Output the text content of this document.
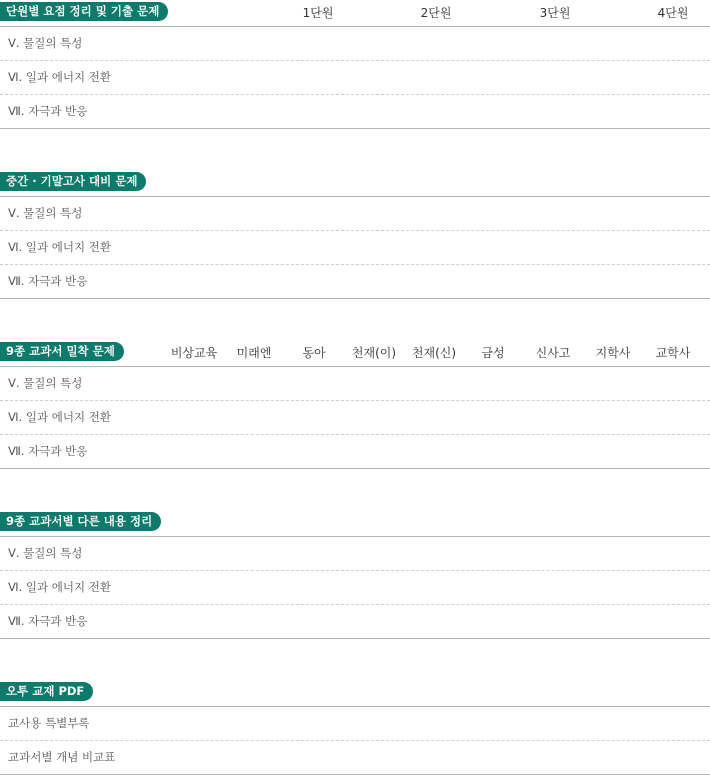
1단원	2단원	3단원	4단원
단원별 요점 정리 및 기출 문제
Ⅴ. 물질의 특성
Ⅵ. 일과 에너지 전환
Ⅶ. 자극과 반응
중간 · 기말고사 대비 문제
Ⅴ. 물질의 특성
Ⅵ. 일과 에너지 전환
Ⅶ. 자극과 반응
비상교육 미래엔	동아 천재(이) 천재(신) 금성	신사고 지학사 교학사
9종 교과서 밀착 문제
Ⅴ. 물질의 특성
Ⅵ. 일과 에너지 전환
Ⅶ. 자극과 반응
9종 교과서별 다른 내용 정리
Ⅴ. 물질의 특성
Ⅵ. 일과 에너지 전환
Ⅶ. 자극과 반응
오투 교재 PDF
교사용 특별부록
교과서별 개념 비교표
